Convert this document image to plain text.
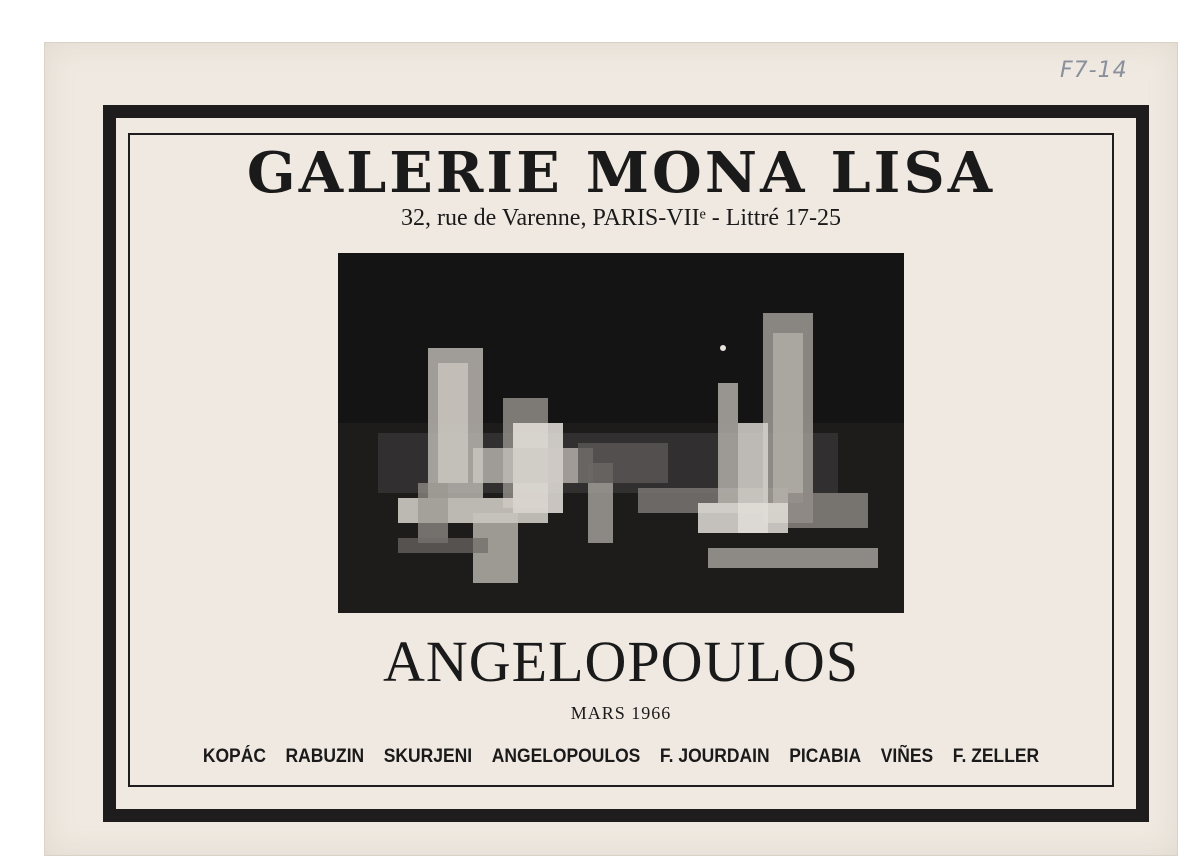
F7-14
GALERIE MONA LISA
32, rue de Varenne, PARIS-VIIᵉ - Littré 17-25
ANGELOPOULOS
MARS 1966
KOPÁC RABUZIN SKURJENI ANGELOPOULOS F. JOURDAIN PICABIA VIÑES F. ZELLER
